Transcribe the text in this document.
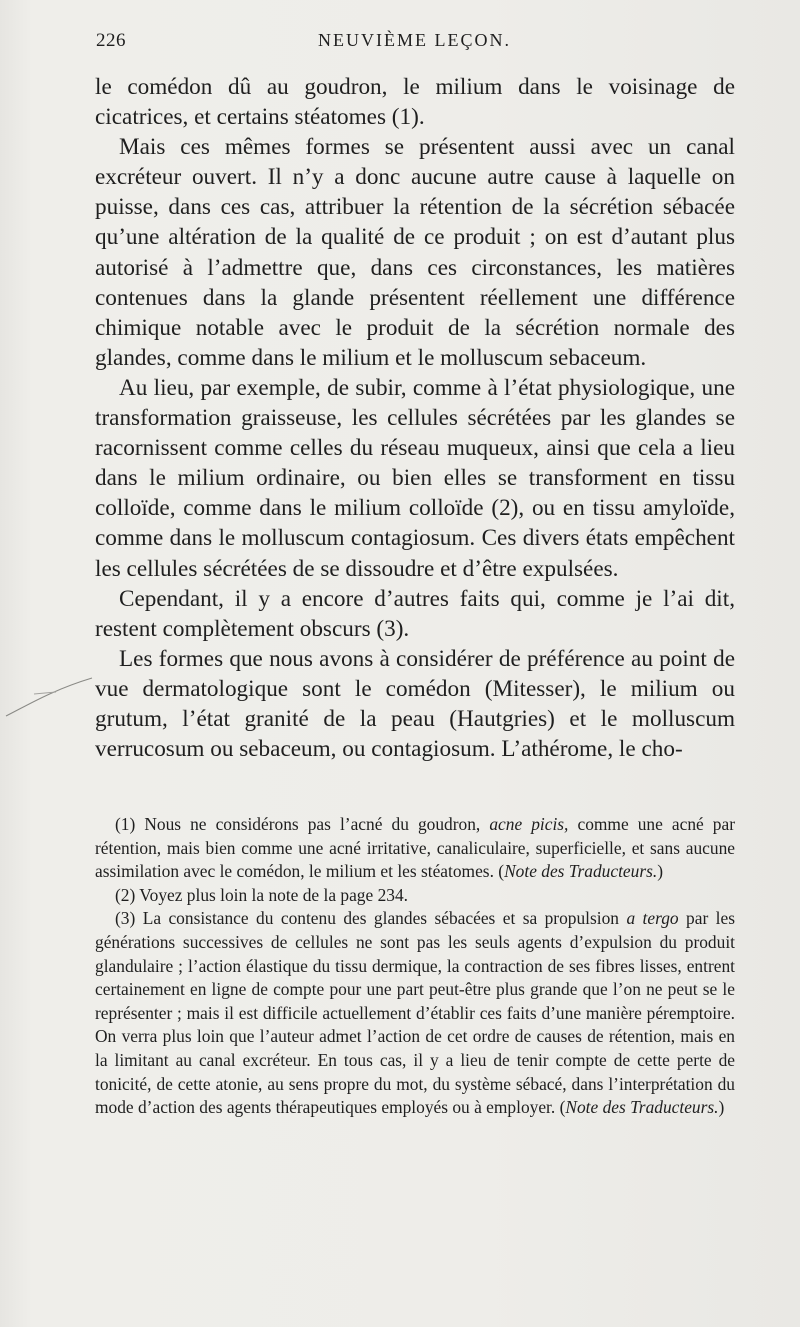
226	NEUVIÈME LEÇON.

le comédon dû au goudron, le milium dans le voisinage de cicatrices, et certains stéatomes (1).

Mais ces mêmes formes se présentent aussi avec un canal excréteur ouvert. Il n’y a donc aucune autre cause à laquelle on puisse, dans ces cas, attribuer la rétention de la sécrétion sébacée qu’une altération de la qualité de ce produit ; on est d’autant plus autorisé à l’admettre que, dans ces circonstances, les matières contenues dans la glande présentent réellement une différence chimique notable avec le produit de la sécrétion normale des glandes, comme dans le milium et le molluscum sebaceum.

Au lieu, par exemple, de subir, comme à l’état physiologique, une transformation graisseuse, les cellules sécrétées par les glandes se racornissent comme celles du réseau muqueux, ainsi que cela a lieu dans le milium ordinaire, ou bien elles se transforment en tissu colloïde, comme dans le milium colloïde (2), ou en tissu amyloïde, comme dans le molluscum contagiosum. Ces divers états empêchent les cellules sécrétées de se dissoudre et d’être expulsées.

Cependant, il y a encore d’autres faits qui, comme je l’ai dit, restent complètement obscurs (3).

Les formes que nous avons à considérer de préférence au point de vue dermatologique sont le comédon (Mitesser), le milium ou grutum, l’état granité de la peau (Hautgries) et le molluscum verrucosum ou sebaceum, ou contagiosum. L’athérome, le cho-

(1) Nous ne considérons pas l’acné du goudron, acne picis, comme une acné par rétention, mais bien comme une acné irritative, canaliculaire, superficielle, et sans aucune assimilation avec le comédon, le milium et les stéatomes. (Note des Traducteurs.)

(2) Voyez plus loin la note de la page 234.

(3) La consistance du contenu des glandes sébacées et sa propulsion a tergo par les générations successives de cellules ne sont pas les seuls agents d’expulsion du produit glandulaire ; l’action élastique du tissu dermique, la contraction de ses fibres lisses, entrent certainement en ligne de compte pour une part peut-être plus grande que l’on ne peut se le représenter ; mais il est difficile actuellement d’établir ces faits d’une manière péremptoire. On verra plus loin que l’auteur admet l’action de cet ordre de causes de rétention, mais en la limitant au canal excréteur. En tous cas, il y a lieu de tenir compte de cette perte de tonicité, de cette atonie, au sens propre du mot, du système sébacé, dans l’interprétation du mode d’action des agents thérapeutiques employés ou à employer. (Note des Traducteurs.)
